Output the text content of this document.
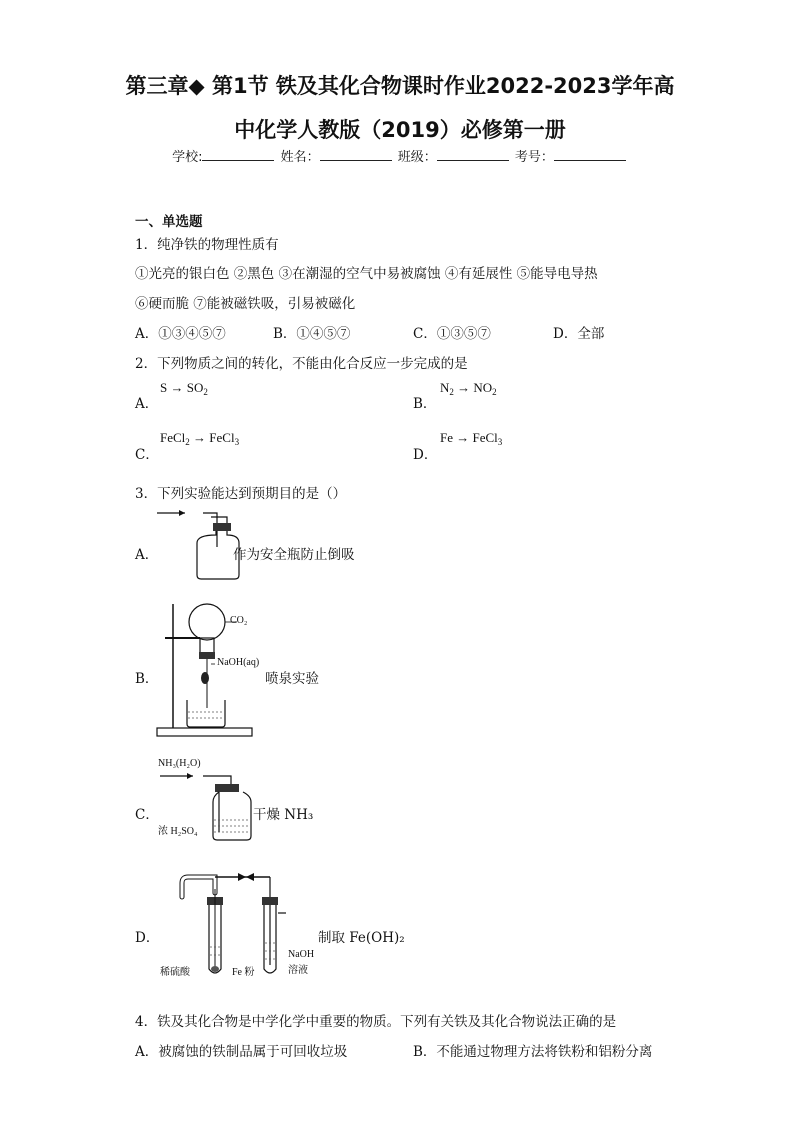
第三章◆ 第1节 铁及其化合物课时作业2022-2023学年高
中化学人教版（2019）必修第一册
学校:	姓名：	班级：	考号：
一、单选题
1．纯净铁的物理性质有
①光亮的银白色 ②黑色 ③在潮湿的空气中易被腐蚀 ④有延展性 ⑤能导电导热
⑥硬而脆 ⑦能被磁铁吸，引易被磁化
A．①③④⑤⑦	B．①④⑤⑦	C．①③⑤⑦	D．全部
2．下列物质之间的转化，不能由化合反应一步完成的是
A．
$S \to SO_2$
B．
$N_2 \to NO_2$
C．
FeCl$_2$ → FeCl$_3$
D．
Fe → FeCl$_3$
3．下列实验能达到预期目的是（）
A．	作为安全瓶防止倒吸
B．
CO₂
NaOH(aq)
喷泉实验
C．
NH₃(H₂O)
浓 H₂SO₄
干燥 NH₃
D．
稀硫酸	Fe 粉
NaOH
溶液
制取 Fe(OH)₂
4．铁及其化合物是中学化学中重要的物质。下列有关铁及其化合物说法正确的是
A．被腐蚀的铁制品属于可回收垃圾	B．不能通过物理方法将铁粉和铝粉分离
